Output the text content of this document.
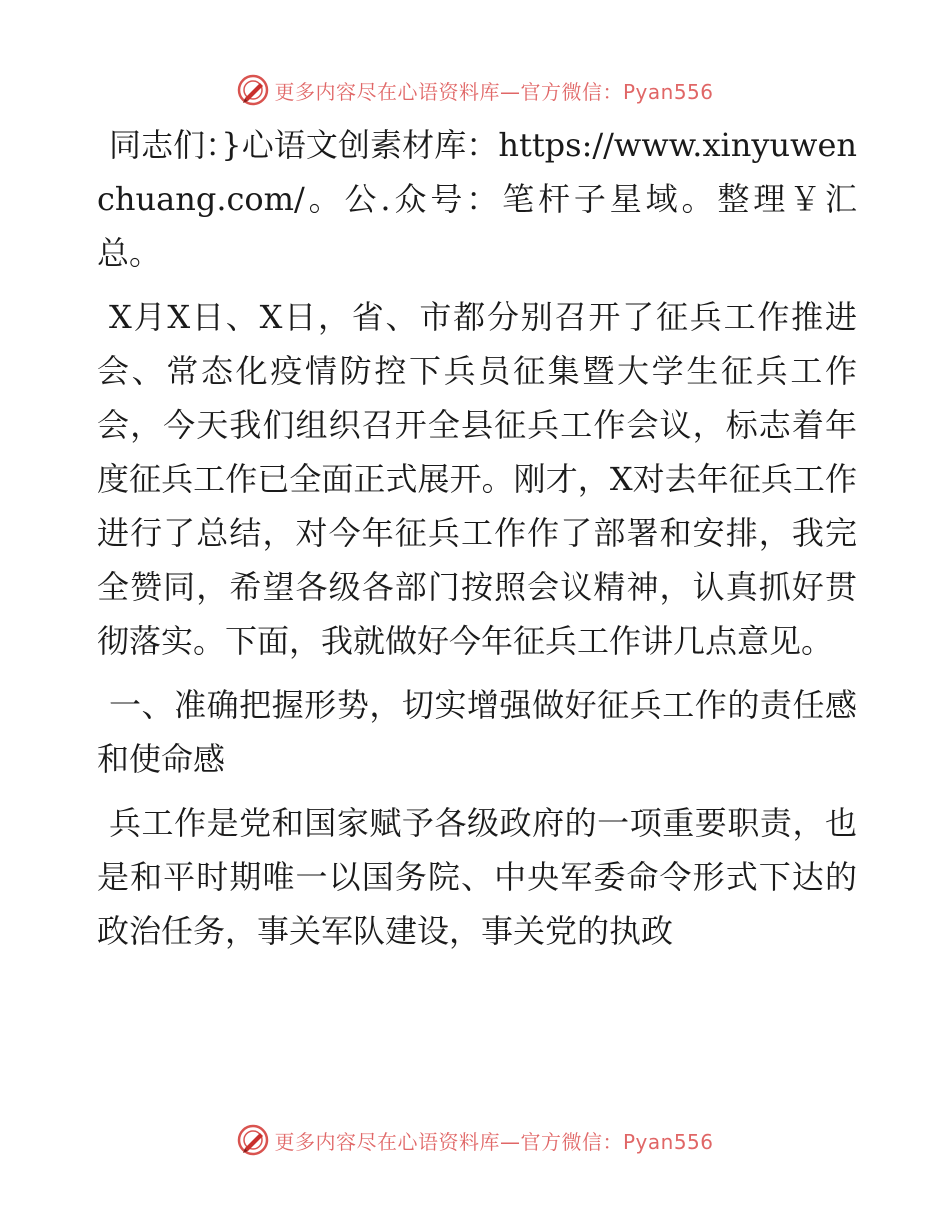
更多内容尽在心语资料库—官方微信：Pyan556

同志们：}心语文创素材库：https://www.xinyuwenchuang.com/。公.众号：笔杆子星域。整理￥汇总。

X月X日、X日，省、市都分别召开了征兵工作推进会、常态化疫情防控下兵员征集暨大学生征兵工作会，今天我们组织召开全县征兵工作会议，标志着年度征兵工作已全面正式展开。刚才，X对去年征兵工作进行了总结，对今年征兵工作作了部署和安排，我完全赞同，希望各级各部门按照会议精神，认真抓好贯彻落实。下面，我就做好今年征兵工作讲几点意见。

一、准确把握形势，切实增强做好征兵工作的责任感和使命感

兵工作是党和国家赋予各级政府的一项重要职责，也是和平时期唯一以国务院、中央军委命令形式下达的政治任务，事关军队建设，事关党的执政

更多内容尽在心语资料库—官方微信：Pyan556
